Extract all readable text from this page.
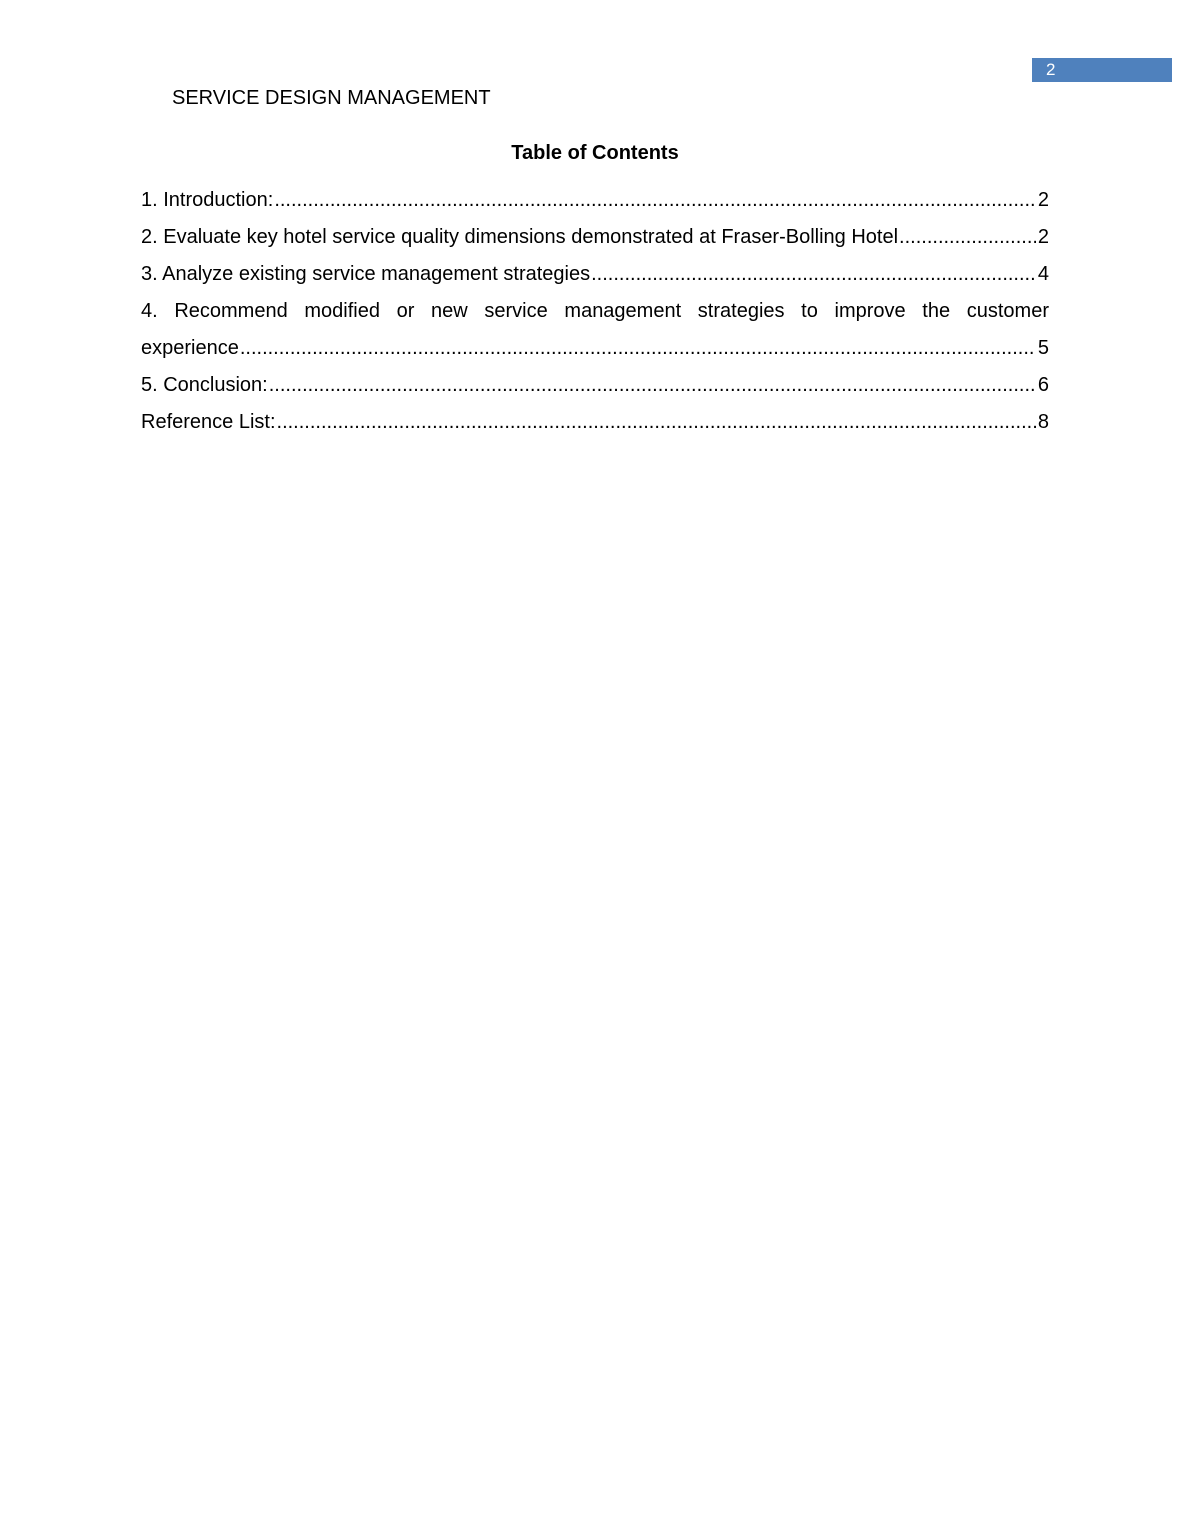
2
SERVICE DESIGN MANAGEMENT
Table of Contents
1. Introduction: .....	2
2. Evaluate key hotel service quality dimensions demonstrated at Fraser-Bolling Hotel .....	2
3. Analyze existing service management strategies .....	4
4. Recommend modified or new service management strategies to improve the customer
experience .....	5
5. Conclusion: .....	6
Reference List: .....	8
